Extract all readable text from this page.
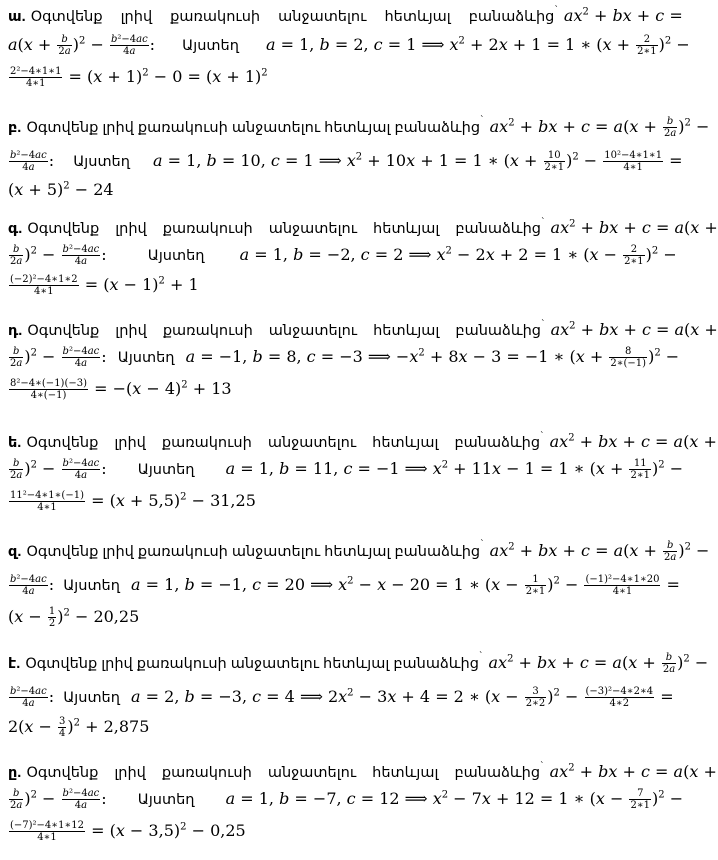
ա. Օգտվենք լրիվ քառակուսի անջատելու հետևյալ բանաձևից` $ax^2$ + bx + c =
$a(x + \frac{b}{2a} )^2 - \frac{\text{b²−4ac}}{4a}$ : Այստեղ a = 1, b = 2, c = 1 ⟹ $x^2 + 2x + 1 = 1$ ∗ $(x + \frac{2}{2∗1} )^2$ −
$\frac{\text{2²−4∗1∗1}}{4∗1} = (x + 1)^2 - 0 = (x + 1)^2$
բ. Օգտվենք լրիվ քառակուսի անջատելու հետևյալ բանաձևից` $ax^2$ + bx + $c = a(x + \frac{b}{2a} )^2$ −
$\frac{\text{b²−4ac}}{4a}$ : Այստեղ a = 1, b = 10, c = 1 ⟹ $x^2 + 10x + 1 = 1$ ∗ $(x + \frac{10}{2∗1} )^2 - \frac{\text{10²−4∗1∗1}}{4∗1}$ =
$(x + 5)^2 - 24$
գ. Օգտվենք լրիվ քառակուսի անջատելու հետևյալ բանաձևից` $ax^2$ + bx + c = a(x +
$\frac{b}{2a} )^2 - \frac{\text{b²−4ac}}{4a}$ :	Այստեղ a = 1, b = −2, c = 2 ⟹ $x^2 - 2x + 2 = 1$ ∗ $(x - \frac{2}{2∗1} )^2$ −
$\frac{\text{(−2)²−4∗1∗2}}{4∗1} = (x - 1)^2 + 1$
դ. Օգտվենք լրիվ քառակուսի անջատելու հետևյալ բանաձևից` $ax^2$ + bx + c = a(x +
$\frac{b}{2a} )^2 - \frac{\text{b²−4ac}}{4a}$ : Այստեղ a = −1, b = 8, c = −3 ⟹ $-x^2 + 8x - 3 = -1$ ∗ $(x + \frac{8}{2∗(-1)} )^2$ −
$\frac{\text{8²−4∗(−1)(−3)}}{4∗(-1)} = -(x - 4)^2 + 13$
ե. Օգտվենք լրիվ քառակուսի անջատելու հետևյալ բանաձևից` $ax^2$ + bx + c = a(x +
$\frac{b}{2a} )^2 - \frac{\text{b²−4ac}}{4a}$ : Այստեղ a = 1, b = 11, c = −1 ⟹ $x^2 + 11x - 1 = 1$ ∗ $(x + \frac{11}{2∗1} )^2$ −
$\frac{\text{11²−4∗1∗(−1)}}{4∗1} = (x + 5,5)^2 - 31,25$
զ. Օգտվենք լրիվ քառակուսի անջատելու հետևյալ բանաձևից` $ax^2$ + bx + $c = a(x + \frac{b}{2a} )^2$ −
$\frac{\text{b²−4ac}}{4a}$ : Այստեղ a = 1, b = −1, c = 20 ⟹ $x^2 - x - 20 = 1$ ∗ $(x - \frac{1}{2∗1} )^2 - \frac{\text{(−1)²−4∗1∗20}}{4∗1}$ =
$(x - \frac{1}{2} )^2 - 20,25$
է. Օգտվենք լրիվ քառակուսի անջատելու հետևյալ բանաձևից` $ax^2$ + bx + $c = a(x + \frac{b}{2a} )^2$ −
$\frac{\text{b²−4ac}}{4a}$ : Այստեղ a = 2, b = −3, c = 4 ⟹ $2x^2 - 3x + 4 = 2$ ∗ $(x - \frac{3}{2∗2} )^2 - \frac{\text{(−3)²−4∗2∗4}}{4∗2}$ =
$2(x - \frac{3}{4} )^2 + 2,875$
ը. Օգտվենք լրիվ քառակուսի անջատելու հետևյալ բանաձևից` $ax^2$ + bx + c = a(x +
$\frac{b}{2a} )^2 - \frac{\text{b²−4ac}}{4a}$ : Այստեղ a = 1, b = −7, c = 12 ⟹ $x^2 - 7x + 12 = 1$ ∗ $(x - \frac{7}{2∗1} )^2$ −
$\frac{\text{(−7)²−4∗1∗12}}{4∗1} = (x - 3,5)^2 - 0,25$
